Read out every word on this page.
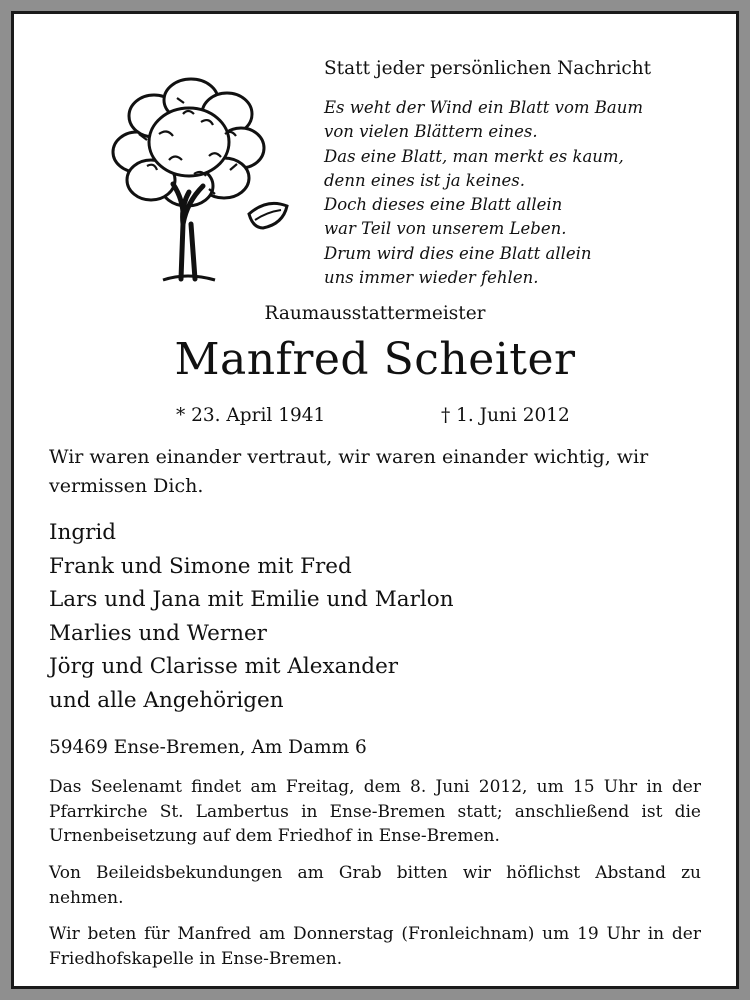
Statt jeder persönlichen Nachricht
Es weht der Wind ein Blatt vom Baum
von vielen Blättern eines.
Das eine Blatt, man merkt es kaum,
denn eines ist ja keines.
Doch dieses eine Blatt allein
war Teil von unserem Leben.
Drum wird dies eine Blatt allein
uns immer wieder fehlen.
Raumausstattermeister
Manfred Scheiter
* 23. April 1941	† 1. Juni 2012
Wir waren einander vertraut, wir waren einander wichtig, wir vermissen Dich.
Ingrid
Frank und Simone mit Fred
Lars und Jana mit Emilie und Marlon
Marlies und Werner
Jörg und Clarisse mit Alexander
und alle Angehörigen
59469 Ense-Bremen, Am Damm 6
Das Seelenamt findet am Freitag, dem 8. Juni 2012, um 15 Uhr in der Pfarrkirche St. Lambertus in Ense-Bremen statt; anschließend ist die Urnenbeisetzung auf dem Friedhof in Ense-Bremen.
Von Beileidsbekundungen am Grab bitten wir höflichst Abstand zu nehmen.
Wir beten für Manfred am Donnerstag (Fronleichnam) um 19 Uhr in der Friedhofskapelle in Ense-Bremen.
